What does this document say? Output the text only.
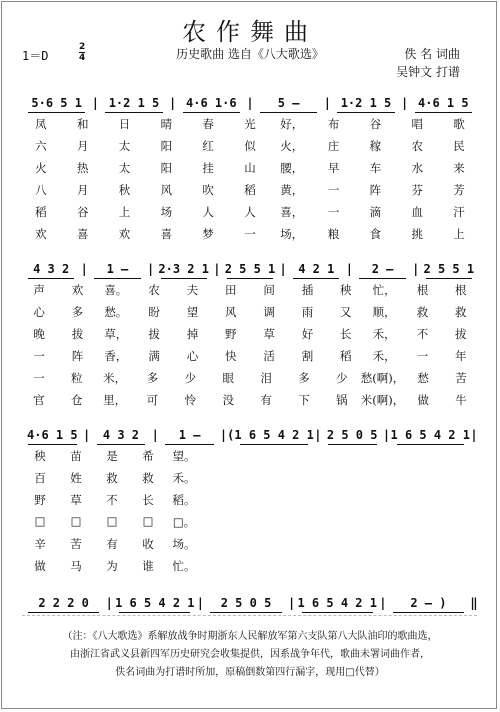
农作舞曲
1＝D
2
4	历史歌曲 选自《八大歌选》	佚 名 词曲
吴钟文 打谱
5·6 5 1 | 1·2 1 5 | 4·6 1·6 |	5 —	| 1·2 1 5 | 4·6 1 5
凤	和	日	晴	春	光	好，	布	谷	唱	歌
六	月	太	阳	红	似	火，	庄	稼	农	民
火	热	太	阳	挂	山	腰，	早	车	水	来
八	月	秋	风	吹	稻	黄，	一	阵	芬	芳
稻	谷	上	场	人	人	喜，	一	滴	血	汗
欢	喜	欢	喜	梦	一	场，	粮	食	挑	上
4 3 2 |	1 —	| 2·3 2 1 | 2 5 5 1 | 4 2 1 |	2 —	| 2 5 5 1
声	欢	喜。	农	夫	田	间	插	秧	忙，	根	根
心	多	愁。	盼	望	风	调	雨	又	顺，	救	救
晚	拔	草，	拔	掉	野	草	好	长	禾，	不	拔
一	阵	香，	满	心	快	活	割	稻	禾，	一	年
一	粒	米，	多	少	眼	泪	多	少	愁(啊)，	愁	苦
官	仓	里，	可	怜	没	有	下	锅	米(啊)，	做	牛
4·6 1 5 |	4 3 2	|	1 —	|( 1 6 5 4 2 1 | 2 5 0 5 | 1 6 5 4 2 1 |
秧	苗	是	希	望。
百	姓	救	救	禾。
野	草	不	长	稻。
□	□	□	□	□。
辛	苦	有	收	场。
做	马	为	谁	忙。
2 2 2 0	| 1 6 5 4 2 1 |	2 5 0 5	| 1 6 5 4 2 1 |	2 — )	‖
（注：《八大歌选》系解放战争时期浙东人民解放军第六支队第八大队油印的歌曲选，
由浙江省武义县新四军历史研究会收集提供，因系战争年代，歌曲未署词曲作者，
佚名词曲为打谱时所加，原稿倒数第四行漏字，现用□代替）
